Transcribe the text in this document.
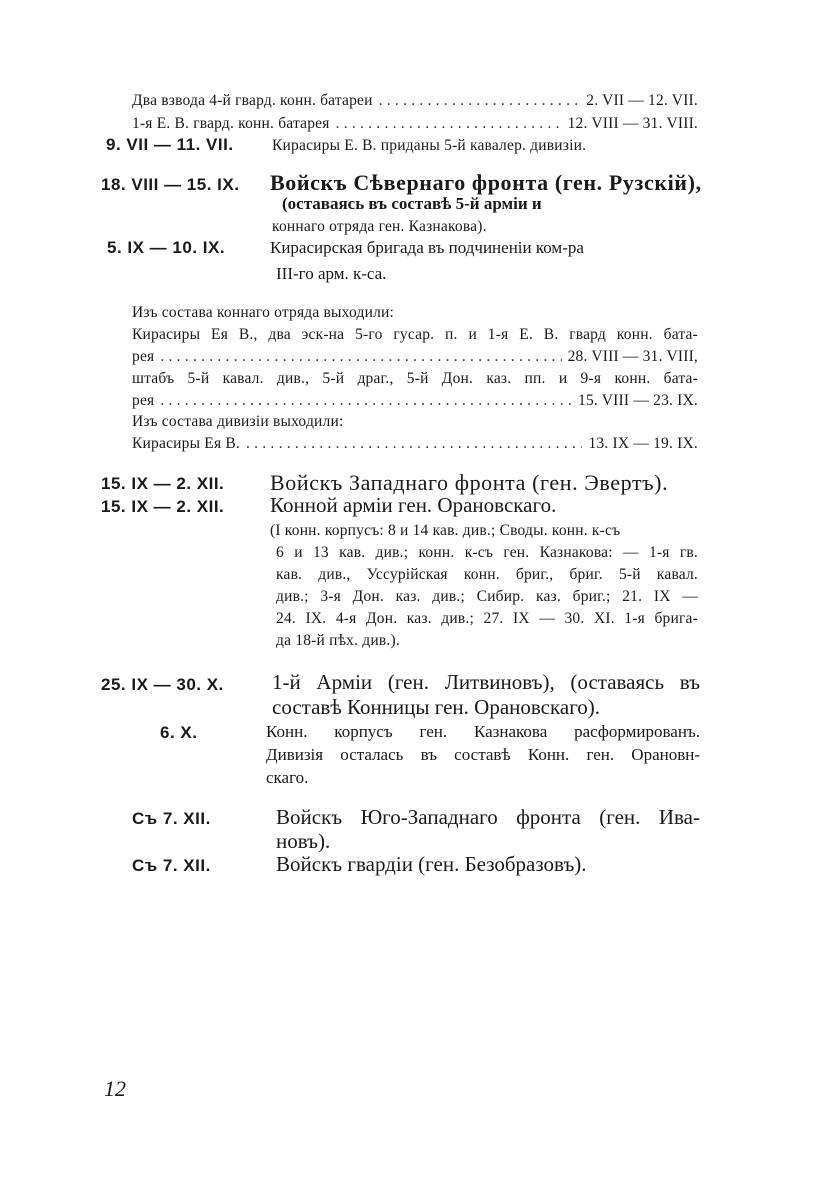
Два взвода 4-й гвард. конн. батареи . . .	2. VII — 12. VII.
1-я Е. В. гвард. конн. батарея . . .	12. VIII — 31. VIII.
9. VII — 11. VII. Кирасиры Е. В. приданы 5-й кавалер. дивизіи.
18. VIII — 15. IX. Войскъ Сѣвернаго фронта (ген. Рузскій),
(оставаясь въ составѣ 5-й арміи и
коннаго отряда ген. Казнакова).
5. IX — 10. IX.	Кирасирская бригада въ подчиненіи ком-ра
III-го арм. к-са.
Изъ состава коннаго отряда выходили:
Кирасиры Ея В., два эск-на 5-го гусар. п. и 1-я Е. В. гвард конн. бата-
рея . . .	28. VIII — 31. VIII,
штабъ 5-й кавал. див., 5-й драг., 5-й Дон. каз. пп. и 9-я конн. бата-
рея . . .	15. VIII — 23. IX.
Изъ состава дивизіи выходили:
Кирасиры Ея В. . . .	13. IX — 19. IX.
15. IX — 2. XII. Войскъ Западнаго фронта (ген. Эвертъ).
15. IX — 2. XII. Конной арміи ген. Орановскаго.
(I конн. корпусъ: 8 и 14 кав. див.; Своды. конн. к-съ
6 и 13 кав. див.; конн. к-съ ген. Казнакова: — 1-я гв.
кав. див., Уссурійская конн. бриг., бриг. 5-й кавал.
див.; 3-я Дон. каз. див.; Сибир. каз. бриг.; 21. IX —
24. IX. 4-я Дон. каз. див.; 27. IX — 30. XI. 1-я брига-
да 18-й пѣх. див.).
25. IX — 30. X. 1-й Арміи (ген. Литвиновъ), (оставаясь въ
составѣ Конницы ген. Орановскаго).
6. X.	Конн. корпусъ ген. Казнакова расформированъ.
Дивизія осталась въ составѣ Конн. ген. Орановн-
скаго.
Съ 7. XII.	Войскъ Юго-Западнаго фронта (ген. Ива-
новъ).
Съ 7. XII.	Войскъ гвардіи (ген. Безобразовъ).
12
